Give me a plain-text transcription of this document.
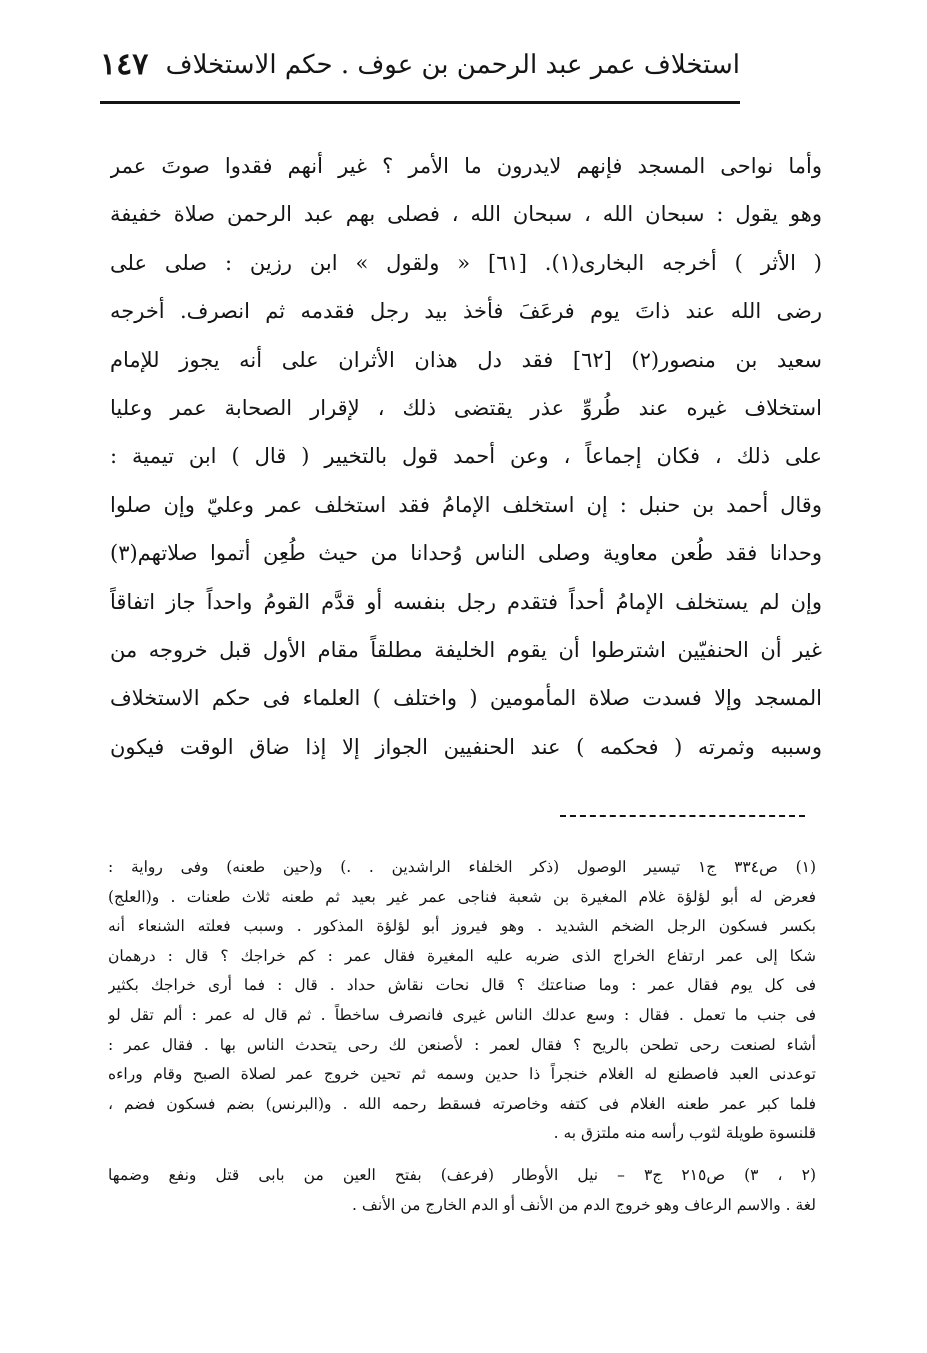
استخلاف عمر عبد الرحمن بن عوف . حكم الاستخلاف
١٤٧
وأما نواحى المسجد فإنهم لايدرون ما الأمر ؟ غير أنهم فقدوا صوتَ عمر
وهو يقول : سبحان الله ، سبحان الله ، فصلى بهم عبد الرحمن صلاة خفيفة
( الأثر ) أخرجه البخارى(١). [٦١] « ولقول » ابن رزين : صلى على
رضى الله عند ذاتَ يوم فرعَفَ فأخذ بيد رجل فقدمه ثم انصرف. أخرجه
سعيد بن منصور(٢) [٦٢] فقد دل هذان الأثران على أنه يجوز للإمام
استخلاف غيره عند طُروِّ عذر يقتضى ذلك ، لإقرار الصحابة عمر وعليا
على ذلك ، فكان إجماعاً ، وعن أحمد قول بالتخيير ( قال ) ابن تيمية :
وقال أحمد بن حنبل : إن استخلف الإمامُ فقد استخلف عمر وعليّ وإن صلوا
وحدانا فقد طُعن معاوية وصلى الناس وُحدانا من حيث طُعِن أتموا صلاتهم(٣)
وإن لم يستخلف الإمامُ أحداً فتقدم رجل بنفسه أو قدَّم القومُ واحداً جاز اتفاقاً
غير أن الحنفيّين اشترطوا أن يقوم الخليفة مطلقاً مقام الأول قبل خروجه من
المسجد وإلا فسدت صلاة المأمومين ( واختلف ) العلماء فى حكم الاستخلاف
وسببه وثمرته ( فحكمه ) عند الحنفيين الجواز إلا إذا ضاق الوقت فيكون
(١) ص٣٣٤ ج١ تيسير الوصول (ذكر الخلفاء الراشدين . .) و(حين طعنه) وفى رواية :
فعرض له أبو لؤلؤة غلام المغيرة بن شعبة فناجى عمر غير بعيد ثم طعنه ثلاث طعنات . و(العلج)
بكسر فسكون الرجل الضخم الشديد . وهو فيروز أبو لؤلؤة المذكور . وسبب فعلته الشنعاء أنه
شكا إلى عمر ارتفاع الخراج الذى ضربه عليه المغيرة فقال عمر : كم خراجك ؟ قال : درهمان
فى كل يوم فقال عمر : وما صناعتك ؟ قال نحات نقاش حداد . قال : فما أرى خراجك بكثير
فى جنب ما تعمل . فقال : وسع عدلك الناس غيرى فانصرف ساخطاً . ثم قال له عمر : ألم تقل لو
أشاء لصنعت رحى تطحن بالريح ؟ فقال لعمر : لأصنعن لك رحى يتحدث الناس بها . فقال عمر :
توعدنى العبد فاصطنع له الغلام خنجراً ذا حدين وسمه ثم تحين خروج عمر لصلاة الصبح وقام وراءه
فلما كبر عمر طعنه الغلام فى كتفه وخاصرته فسقط رحمه الله . و(البرنس) بضم فسكون فضم ،
قلنسوة طويلة لثوب رأسه منه ملتزق به .
(٢ ، ٣) ص٢١٥ ج٣ – نيل الأوطار (فرعف) بفتح العين من بابى قتل ونفع وضمها
لغة . والاسم الرعاف وهو خروج الدم من الأنف أو الدم الخارج من الأنف .
